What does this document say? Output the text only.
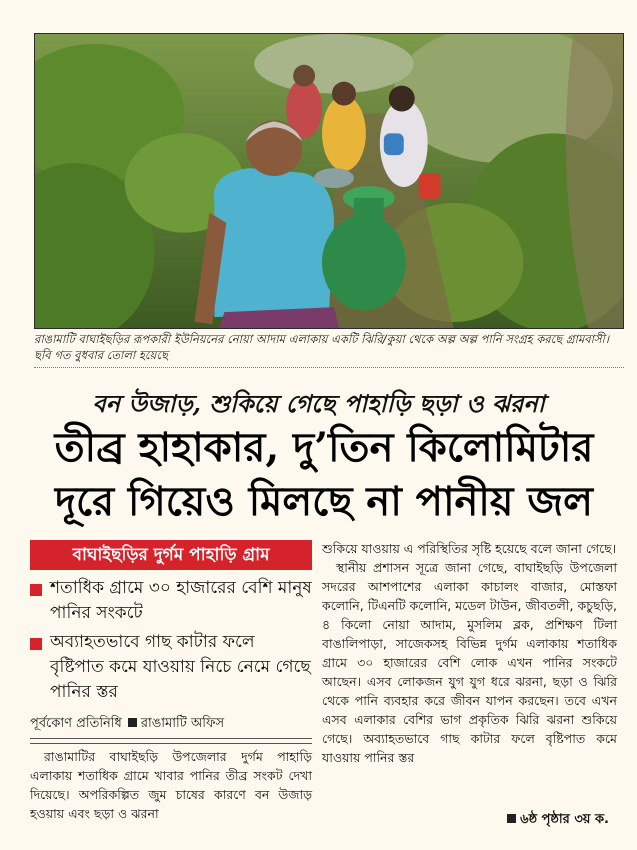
রাঙামাটি বাঘাইছড়ির রূপকারী ইউনিয়নের নোয়া আদাম এলাকায় একটি ঝিরি/কুয়া থেকে অল্প অল্প পানি সংগ্রহ করছে গ্রামবাসী। ছবি গত বুধবার তোলা হয়েছে
বন উজাড়, শুকিয়ে গেছে পাহাড়ি ছড়া ও ঝরনা
তীব্র হাহাকার, দু’তিন কিলোমিটার
দূরে গিয়েও মিলছে না পানীয় জল
বাঘাইছড়ির দুর্গম পাহাড়ি গ্রাম
শতাধিক গ্রামে ৩০ হাজারের বেশি মানুষ পানির সংকটে
অব্যাহতভাবে গাছ কাটার ফলে বৃষ্টিপাত কমে যাওয়ায় নিচে নেমে গেছে পানির স্তর
পূর্বকোণ প্রতিনিধি রাঙামাটি অফিস

রাঙামাটির বাঘাইছড়ি উপজেলার দুর্গম পাহাড়ি এলাকায় শতাধিক গ্রামে খাবার পানির তীব্র সংকট দেখা দিয়েছে। অপরিকল্পিত জুম চাষের কারণে বন উজাড় হওয়ায় এবং ছড়া ও ঝরনা

শুকিয়ে যাওয়ায় এ পরিস্থিতির সৃষ্টি হয়েছে বলে জানা গেছে।

স্থানীয় প্রশাসন সূত্রে জানা গেছে, বাঘাইছড়ি উপজেলা সদরের আশপাশের এলাকা কাচালং বাজার, মোস্তফা কলোনি, টিএনটি কলোনি, মডেল টাউন, জীবতলী, কচুছড়ি, ৪ কিলো নোয়া আদাম, মুসলিম ব্লক, প্রশিক্ষণ টিলা বাঙালিপাড়া, সাজেকসহ বিভিন্ন দুর্গম এলাকায় শতাধিক গ্রামে ৩০ হাজারের বেশি লোক এখন পানির সংকটে আছেন। এসব লোকজন যুগ যুগ ধরে ঝরনা, ছড়া ও ঝিরি থেকে পানি ব্যবহার করে জীবন যাপন করছেন। তবে এখন এসব এলাকার বেশির ভাগ প্রকৃতিক ঝিরি ঝরনা শুকিয়ে গেছে। অব্যাহতভাবে গাছ কাটার ফলে বৃষ্টিপাত কমে যাওয়ায় পানির স্তর

৬ষ্ঠ পৃষ্ঠার ৩য় ক.
